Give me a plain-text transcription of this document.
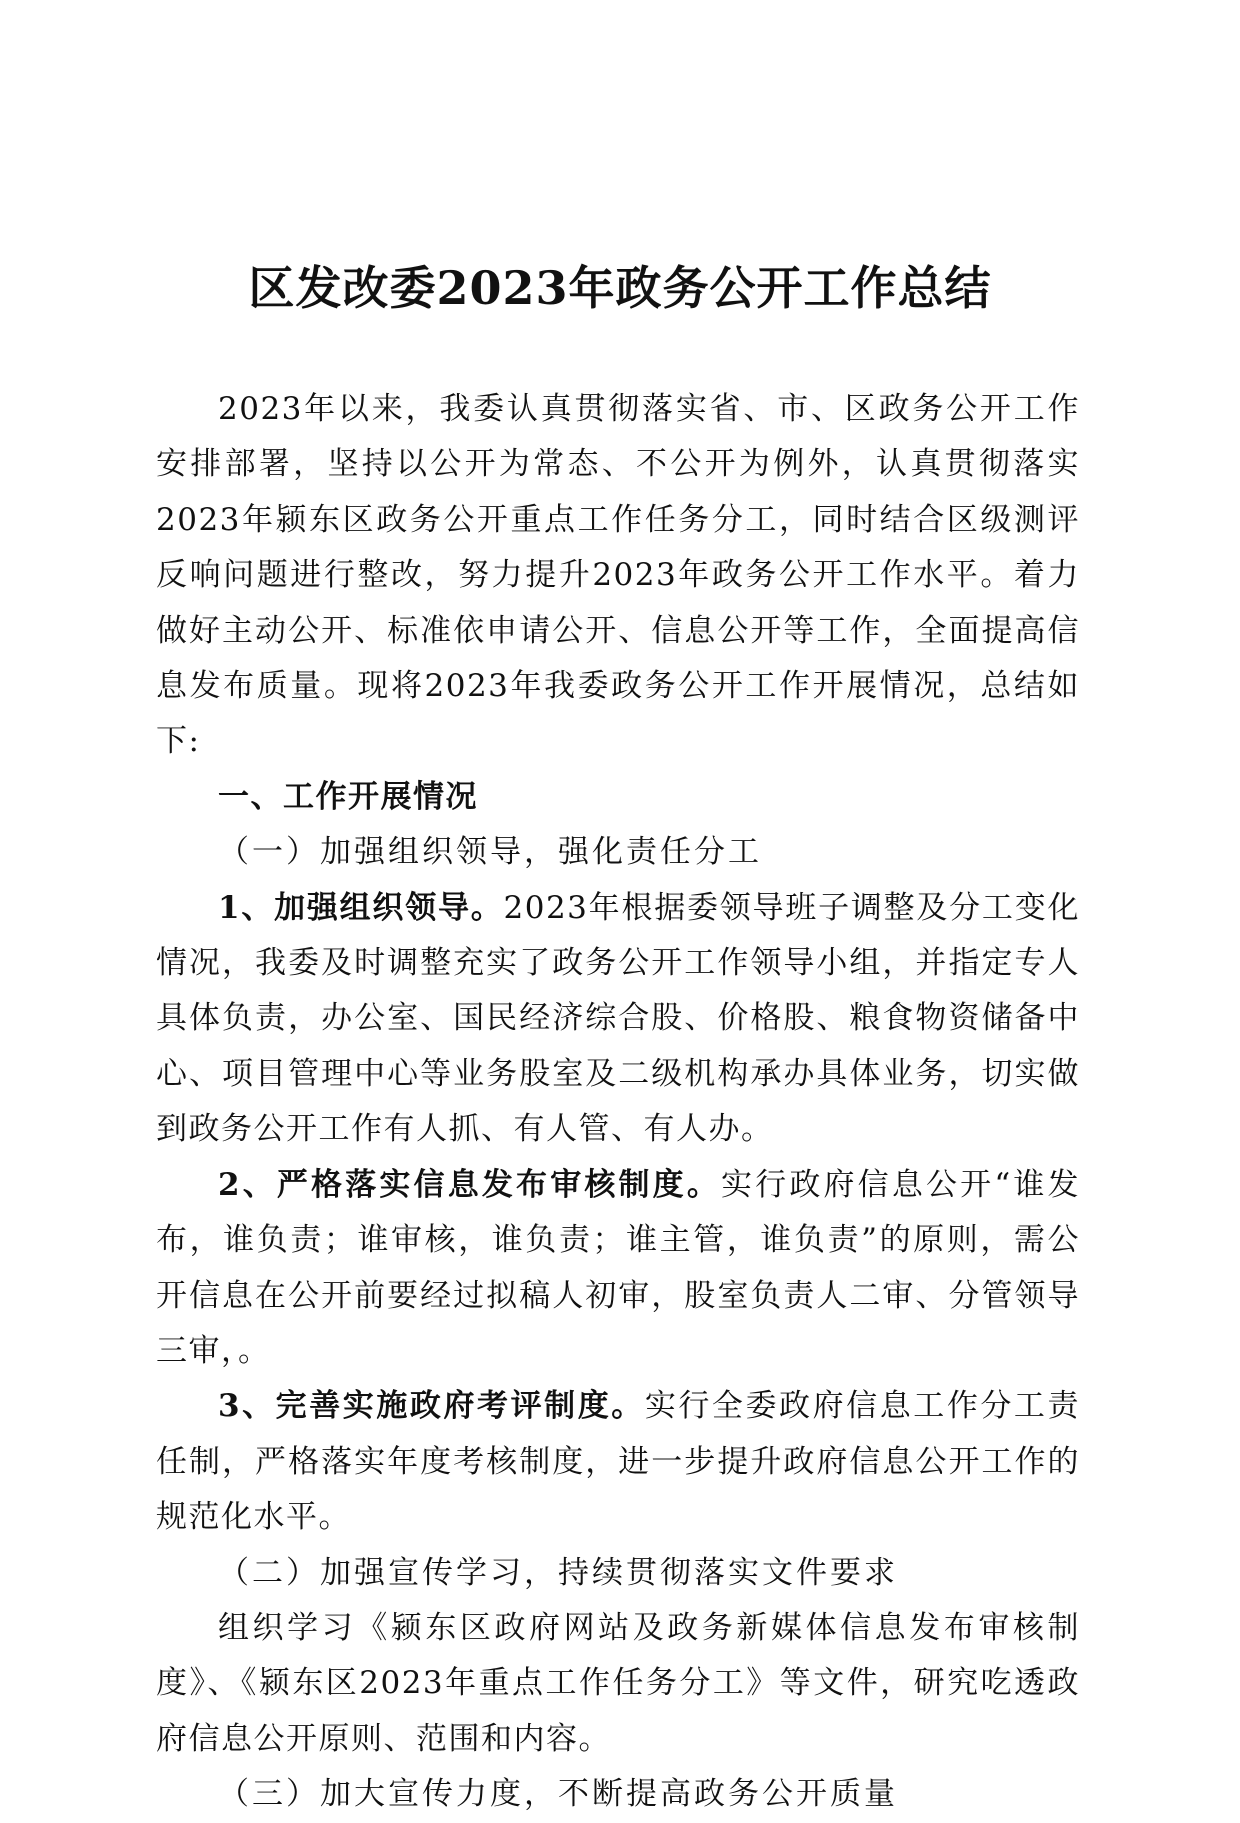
区发改委2023年政务公开工作总结

2023年以来，我委认真贯彻落实省、市、区政务公开工作安排部署，坚持以公开为常态、不公开为例外，认真贯彻落实2023年颍东区政务公开重点工作任务分工，同时结合区级测评反响问题进行整改，努力提升2023年政务公开工作水平。着力做好主动公开、标准依申请公开、信息公开等工作，全面提高信息发布质量。现将2023年我委政务公开工作开展情况，总结如下:

一、工作开展情况

（一）加强组织领导，强化责任分工

1、加强组织领导。2023年根据委领导班子调整及分工变化情况，我委及时调整充实了政务公开工作领导小组，并指定专人具体负责，办公室、国民经济综合股、价格股、粮食物资储备中心、项目管理中心等业务股室及二级机构承办具体业务，切实做到政务公开工作有人抓、有人管、有人办。

2、严格落实信息发布审核制度。实行政府信息公开“谁发布，谁负责；谁审核，谁负责；谁主管，谁负责”的原则，需公开信息在公开前要经过拟稿人初审，股室负责人二审、分管领导三审，。

3、完善实施政府考评制度。实行全委政府信息工作分工责任制，严格落实年度考核制度，进一步提升政府信息公开工作的规范化水平。

（二）加强宣传学习，持续贯彻落实文件要求

组织学习《颍东区政府网站及政务新媒体信息发布审核制度》、《颍东区2023年重点工作任务分工》等文件，研究吃透政府信息公开原则、范围和内容。

（三）加大宣传力度，不断提高政务公开质量
